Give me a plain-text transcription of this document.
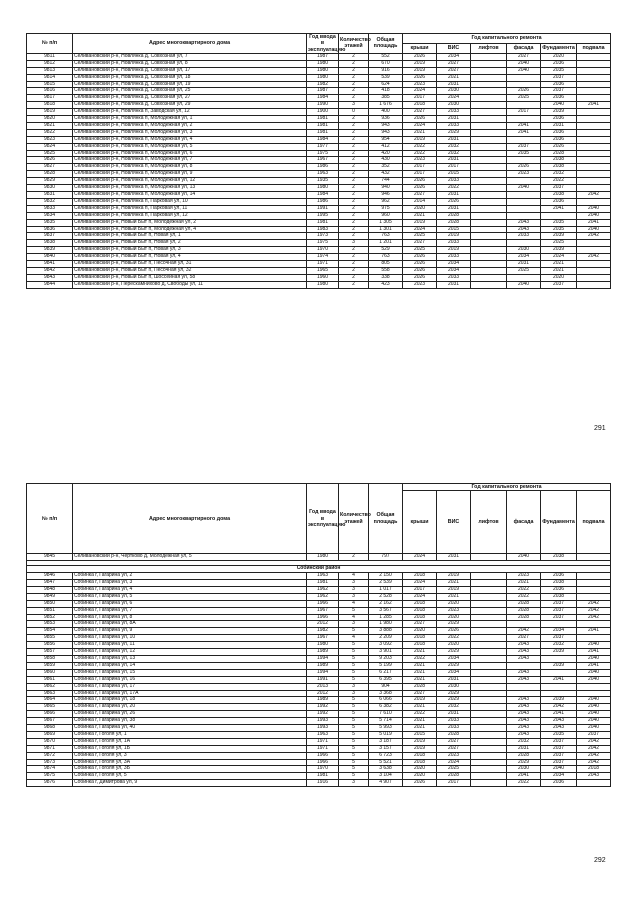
№ п/п	Адрес многоквартирного дома	Год ввода в эксплуатацию	Количество этажей	Общая площадь	Год капитального ремонта					
					крыши	ВИС	лифтов	фасада	Фундамента	подвала
9811	Селивановский р-н, Новлянка д, Совхозная ул, 7	1987	2	552	2026	2034		2027	2020	
9812	Селивановский р-н, Новлянка д, Совхозная ул, 8	1980	2	670	2019	2027		2040	2036	
9813	Селивановский р-н, Новлянка д, Совхозная ул, 17	1980	2	916	2019	2027		2040	2035	
9814	Селивановский р-н, Новлянка д, Совхозная ул, 18	1980	2	539	2026	2021			2037	
9815	Селивановский р-н, Новлянка д, Совхозная ул, 19	1982	2	624	2023	2031			2036	
9816	Селивановский р-н, Новлянка д, Совхозная ул, 25	1987	2	418	2024	2030		2026	2037	
9817	Селивановский р-н, Новлянка д, Совхозная ул, 27	1984	2	385	2017	2024		2025	2036	
9818	Селивановский р-н, Новлянка д, Совхозная ул, 29	1990	3	1 676	2018	2030			2040	2041
9819	Селивановский р-н, Новлянка п, Заводская ул, 12	1900	0	400	2027	2033		2017	2039	
9820	Селивановский р-н, Новлянка п, Молодежная ул, 1	1981	2	936	2026	2031			2036	
9821	Селивановский р-н, Новлянка п, Молодежная ул, 2	1981	2	943	2024	2033		2041	2031	
9822	Селивановский р-н, Новлянка п, Молодежная ул, 3	1981	2	943	2021	2029		2041	2036	
9823	Селивановский р-н, Новлянка п, Молодежная ул, 4	1984	2	954	2019	2031			2036	
9824	Селивановский р-н, Новлянка п, Молодежная ул, 5	1977	2	412	2022	2032		2037	2026	
9825	Селивановский р-н, Новлянка п, Молодежная ул, 6	1975	2	420	2022	2032		2035	2028	
9826	Селивановский р-н, Новлянка п, Молодежная ул, 7	1967	2	430	2023	2031			2038	
9827	Селивановский р-н, Новлянка п, Молодежная ул, 8	1986	2	352	2017	2017		2026	2038	
9828	Селивановский р-н, Новлянка п, Молодежная ул, 9	1963	2	432	2017	2015		2023	2032	
9829	Селивановский р-н, Новлянка п, Молодежная ул, 12	1935	2	744	2026	2033			2022	
9830	Селивановский р-н, Новлянка п, Молодежная ул, 13	1980	2	940	2026	2022		2040	2037	
9831	Селивановский р-н, Новлянка п, Молодежная ул, 14	1984	2	946	2027	2031			2038	2042
9832	Селивановский р-н, Новлянка п, Парковая ул, 10	1986	2	962	2014	2026			2036	
9833	Селивановский р-н, Новлянка п, Парковая ул, 11	1991	2	975	2020	2031			2041	2040
9834	Селивановский р-н, Новлянка п, Парковая ул, 12	1995	2	960	2021	2028				2040
9835	Селивановский р-н, Новый Быт п, Молодежная ул, 2	1981	2	1 305	2019	2028		2043	2035	2041
9836	Селивановский р-н, Новый Быт п, Молодежная ул, 4	1983	2	1 301	2024	2015		2043	2035	2040
9837	Селивановский р-н, Новый Быт п, Новая ул, 1	1973	2	763	2025	2019		2033	2039	2042
9838	Селивановский р-н, Новый Быт п, Новая ул, 2	1975	3	1 201	2027	2033			2025	
9839	Селивановский р-н, Новый Быт п, Новая ул, 3	1970	2	529	2025	2019		2030	2039	
9840	Селивановский р-н, Новый Быт п, Новая ул, 4	1974	2	763	2026	2033		2034	2024	2042
9841	Селивановский р-н, Новый Быт п, Песочная ул, 31	1971	2	805	2026	2034		2031	2021	
9842	Селивановский р-н, Новый Быт п, Песочная ул, 32	1965	2	558	2026	2034		2025	2021	
9843	Селивановский р-н, Новый Быт п, Шоссейная ул, 58	1960	2	338	2026	2033			2020	
9844	Селивановский р-н, Перескамнихово д, Свободы ул, 11	1980	2	423	2023	2031		2040	2037	
291
№ п/п	Адрес многоквартирного дома	Год ввода в эксплуатацию	Количество этажей	Общая площадь	Год капитального ремонта					
					крыши	ВИС	лифтов	фасада	Фундамента	подвала
9845	Селивановский р-н, Чертково д, Молодежная ул, 5	1980	2	797	2024	2031		2040	2038	

Собинский район										
9846	Собинка г, Гагарина ул, 2	1963	4	2 150	2018	2019		2023	2036	
9847	Собинка г, Гагарина ул, 3	1981	3	2 539	2024	2021		2021	2038	
9848	Собинка г, Гагарина ул, 4	1962	3	1 017	2017	2019		2022	2036	
9849	Собинка г, Гагарина ул, 5	1962	3	2 528	2024	2021		2022	2038	
9850	Собинка г, Гагарина ул, 6	1966	4	2 162	2018	2020		2028	2037	2042
9851	Собинка г, Гагарина ул, 7	1967	5	3 567	2018	2023		2028	2037	2042
9852	Собинка г, Гагарина ул, 8	1966	4	1 285	2018	2020		2028	2037	2042
9853	Собинка г, Гагарина ул, 8А	2012	3	1 980	2027	2029				
9854	Собинка г, Гагарина ул, 9	1982	5	3 888	2020	2026		2042	2034	2041
9855	Собинка г, Гагарина ул, 10	1967	4	2 209	2018	2022		2027	2037	
9856	Собинка г, Гагарина ул, 11	1980	5	3 092	2018	2020		2043	2032	2040
9857	Собинка г, Гагарина ул, 12	1989	5	3 901	2021	2029		2043	2039	2041
9858	Собинка г, Гагарина ул, 13	1994	5	9 203	2022	2034		2043		2040
9859	Собинка г, Гагарина ул, 14	1989	5	5 199	2021	2029			2039	2041
9860	Собинка г, Гагарина ул, 15	1994	5	6 217	2021	2034		2043		2040
9861	Собинка г, Гагарина ул, 16	1991	5	6 395	2021	2031		2043	2041	2040
9862	Собинка г, Гагарина ул, 17	2013	3	904	2028	2030				
9863	Собинка г, Гагарина ул, 17А	2012	3	3 368	2027	2029				
9864	Собинка г, Гагарина ул, 18	1989	5	6 066	2019	2029		2043	2039	2040
9865	Собинка г, Гагарина ул, 20	1992	5	6 382	2021	2032		2043	2042	2040
9866	Собинка г, Гагарина ул, 26	1992	5	7 610	2022	2031		2043	2041	2040
9867	Собинка г, Гагарина ул, 38	1993	5	5 714	2021	2033		2043	2043	2040
9868	Собинка г, Гагарина ул, 40	1993	5	5 993	2021	2033		2043	2043	2040
9869	Собинка г, Гоголя ул, 1	1963	5	5 019	2015	2028		2043	2035	2037
9870	Собинка г, Гоголя ул, 1А	1971	5	3 187	2019	2027		2032	2037	2042
9871	Собинка г, Гоголя ул, 1Б	1971	5	3 157	2019	2027		2031	2037	2042
9872	Собинка г, Гоголя ул, 3	1966	5	6 723	2018	2023		2028	2037	2042
9873	Собинка г, Гоголя ул, 3А	1966	5	5 521	2018	2024		2029	2037	2042
9874	Собинка г, Гоголя ул, 3Б	1970	5	3 638	2020	2025		2030	2040	2018
9875	Собинка г, Гоголя ул, 5	1981	5	3 104	2020	2028		2041	2034	2043
9876	Собинка г, Димитрова ул, 9	1916	3	4 907	2026	2017		2022	2036	
292
